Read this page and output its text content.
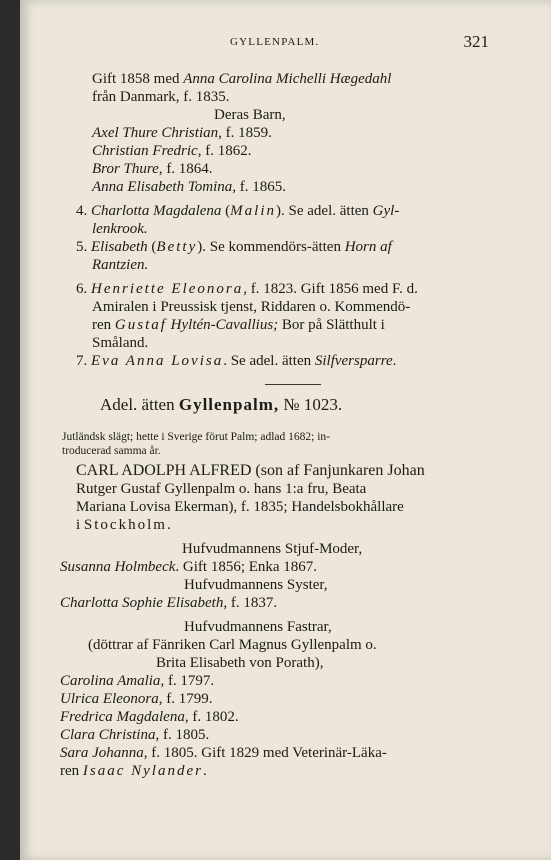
GYLLENPALM.	321
Gift 1858 med Anna Carolina Michelli Hægedahl
från Danmark, f. 1835.
Deras Barn,
Axel Thure Christian, f. 1859.
Christian Fredric, f. 1862.
Bror Thure, f. 1864.
Anna Elisabeth Tomina, f. 1865.
4. Charlotta Magdalena (Malin). Se adel. ätten Gyl-
lenkrook.
5. Elisabeth (Betty). Se kommendörs-ätten Horn af
Rantzien.
6. Henriette Eleonora, f. 1823. Gift 1856 med F. d.
Amiralen i Preussisk tjenst, Riddaren o. Kommendö-
ren Gustaf Hyltén-Cavallius; Bor på Slätthult i
Småland.
7. Eva Anna Lovisa. Se adel. ätten Silfversparre.
Adel. ätten Gyllenpalm, № 1023.
Jutländsk slägt; hette i Sverige förut Palm; adlad 1682; in-
troducerad samma år.
CARL ADOLPH ALFRED (son af Fanjunkaren Johan
Rutger Gustaf Gyllenpalm o. hans 1:a fru, Beata
Mariana Lovisa Ekerman), f. 1835; Handelsbokhållare
i Stockholm.
Hufvudmannens Stjuf-Moder,
Susanna Holmbeck. Gift 1856; Enka 1867.
Hufvudmannens Syster,
Charlotta Sophie Elisabeth, f. 1837.
Hufvudmannens Fastrar,
(döttrar af Fänriken Carl Magnus Gyllenpalm o.
Brita Elisabeth von Porath),
Carolina Amalia, f. 1797.
Ulrica Eleonora, f. 1799.
Fredrica Magdalena, f. 1802.
Clara Christina, f. 1805.
Sara Johanna, f. 1805. Gift 1829 med Veterinär-Läka-
ren Isaac Nylander.
